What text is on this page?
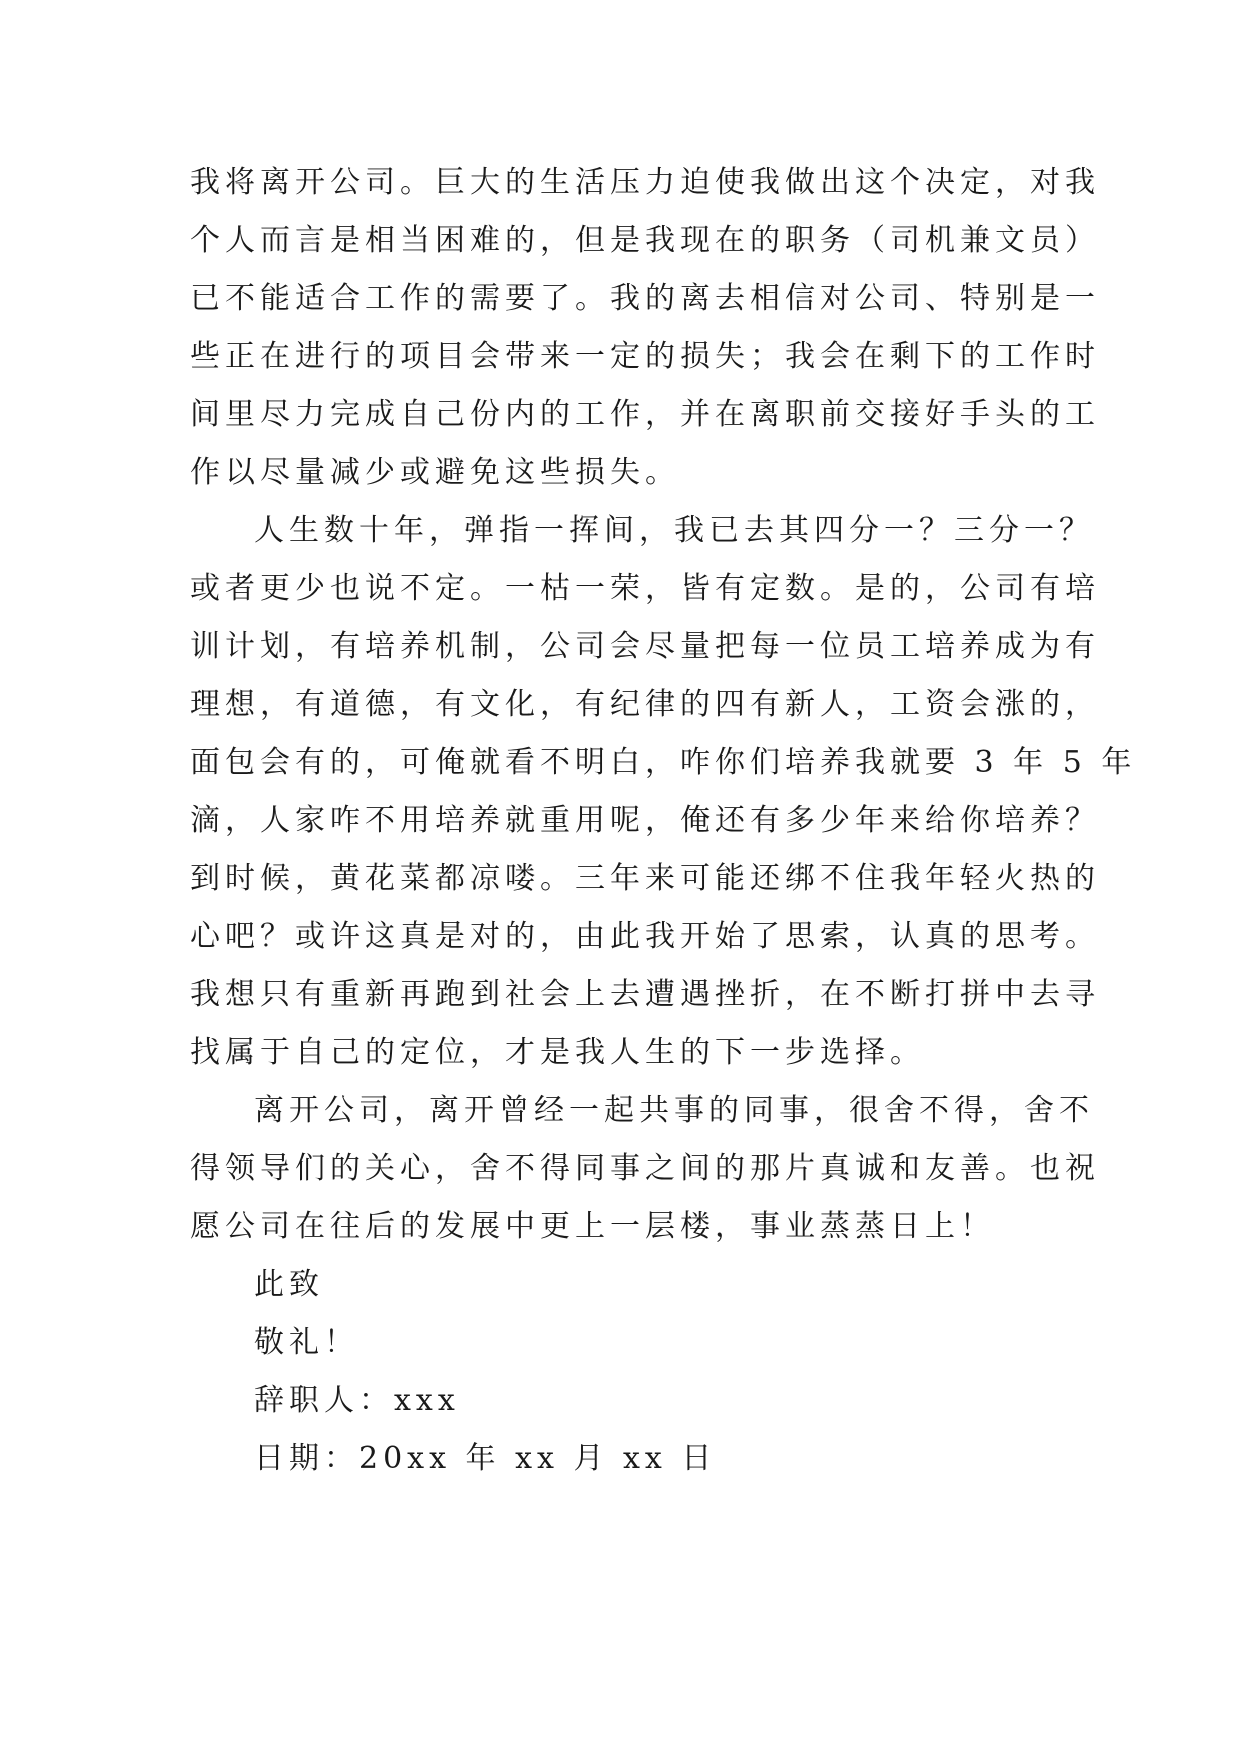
我将离开公司。巨大的生活压力迫使我做出这个决定，对我
个人而言是相当困难的，但是我现在的职务（司机兼文员）
已不能适合工作的需要了。我的离去相信对公司、特别是一
些正在进行的项目会带来一定的损失；我会在剩下的工作时
间里尽力完成自己份内的工作，并在离职前交接好手头的工
作以尽量减少或避免这些损失。
人生数十年，弹指一挥间，我已去其四分一？三分一？
或者更少也说不定。一枯一荣，皆有定数。是的，公司有培
训计划，有培养机制，公司会尽量把每一位员工培养成为有
理想，有道德，有文化，有纪律的四有新人，工资会涨的，
面包会有的，可俺就看不明白，咋你们培养我就要 3 年 5 年
滴，人家咋不用培养就重用呢，俺还有多少年来给你培养？
到时候，黄花菜都凉喽。三年来可能还绑不住我年轻火热的
心吧？或许这真是对的，由此我开始了思索，认真的思考。
我想只有重新再跑到社会上去遭遇挫折，在不断打拼中去寻
找属于自己的定位，才是我人生的下一步选择。
离开公司，离开曾经一起共事的同事，很舍不得，舍不
得领导们的关心，舍不得同事之间的那片真诚和友善。也祝
愿公司在往后的发展中更上一层楼，事业蒸蒸日上！
此致
敬礼！
辞职人：xxx
日期：20xx 年 xx 月 xx 日
